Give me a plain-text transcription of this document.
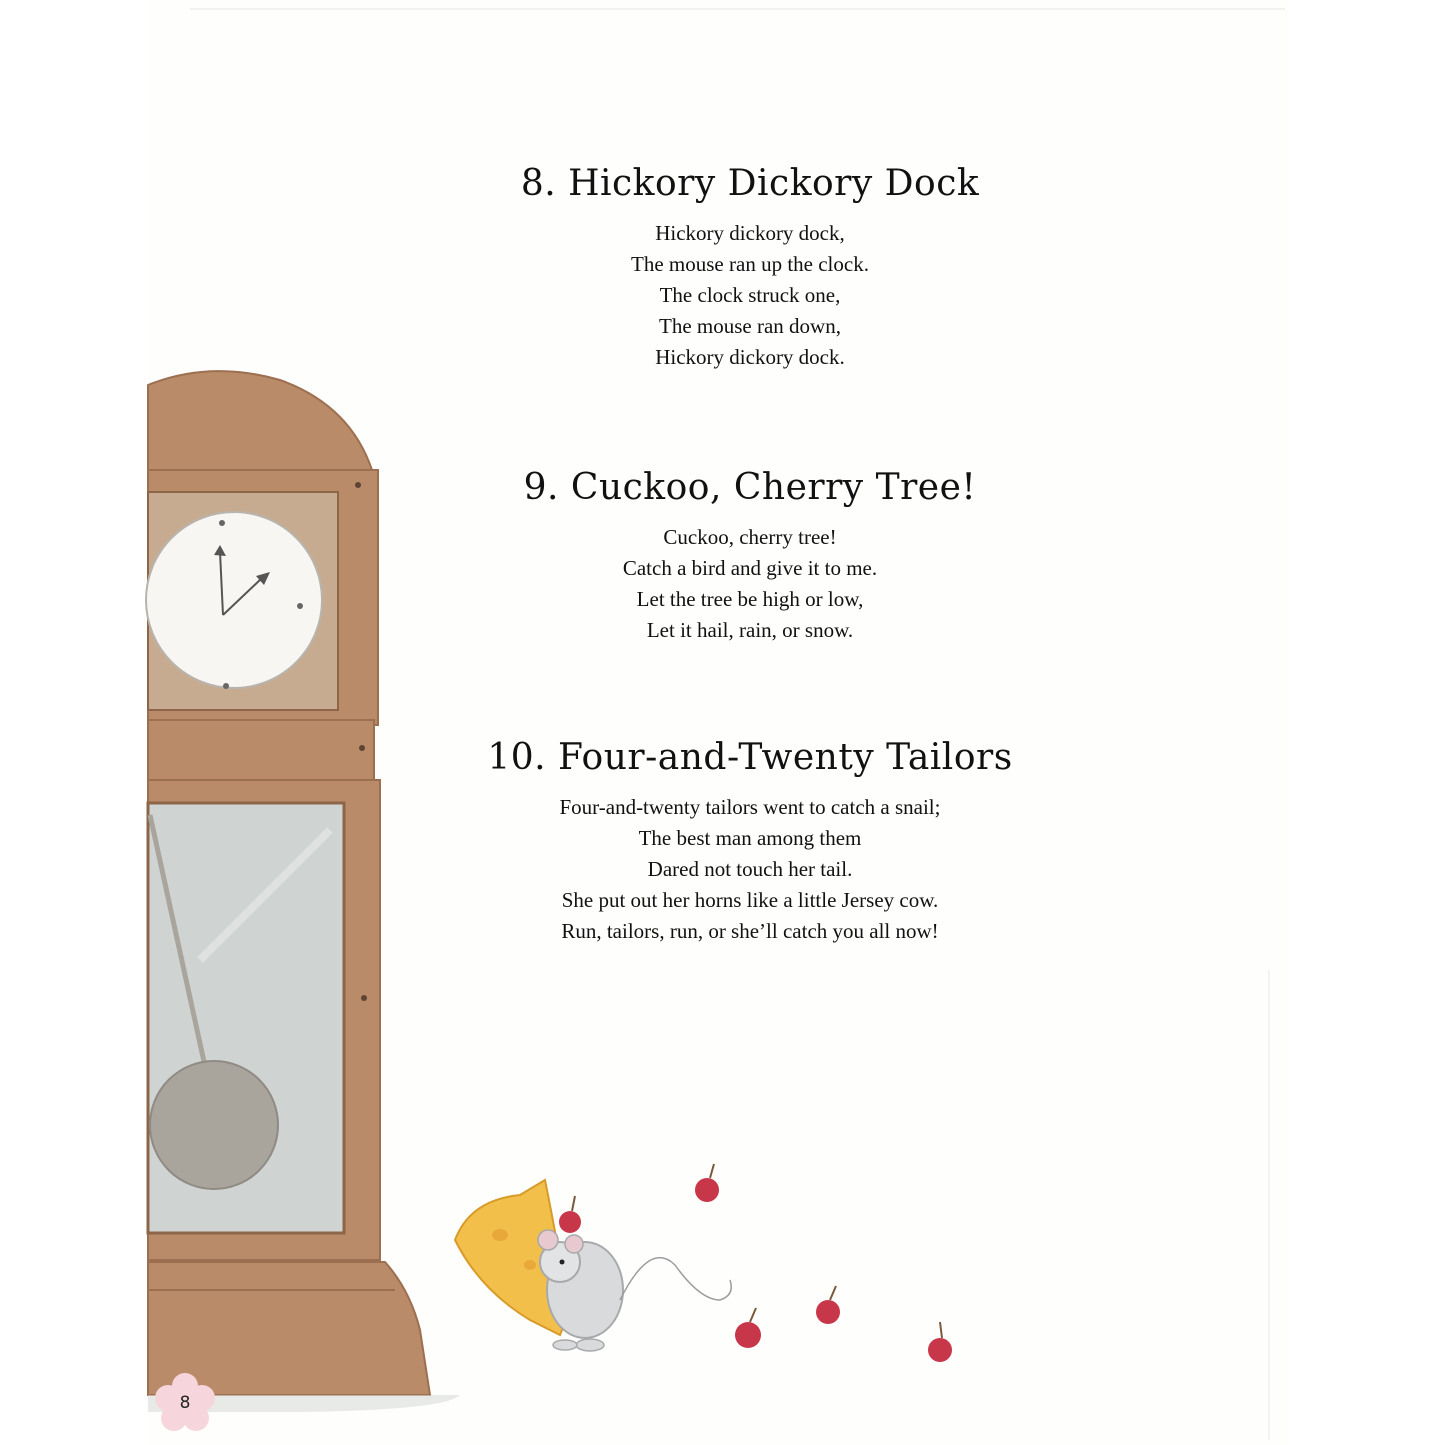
8. Hickory Dickory Dock

Hickory dickory dock,

The mouse ran up the clock.

The clock struck one,

The mouse ran down,

Hickory dickory dock.

9. Cuckoo, Cherry Tree!

Cuckoo, cherry tree!

Catch a bird and give it to me.

Let the tree be high or low,

Let it hail, rain, or snow.

10. Four-and-Twenty Tailors

Four-and-twenty tailors went to catch a snail;

The best man among them

Dared not touch her tail.

She put out her horns like a little Jersey cow.

Run, tailors, run, or she’ll catch you all now!

8
